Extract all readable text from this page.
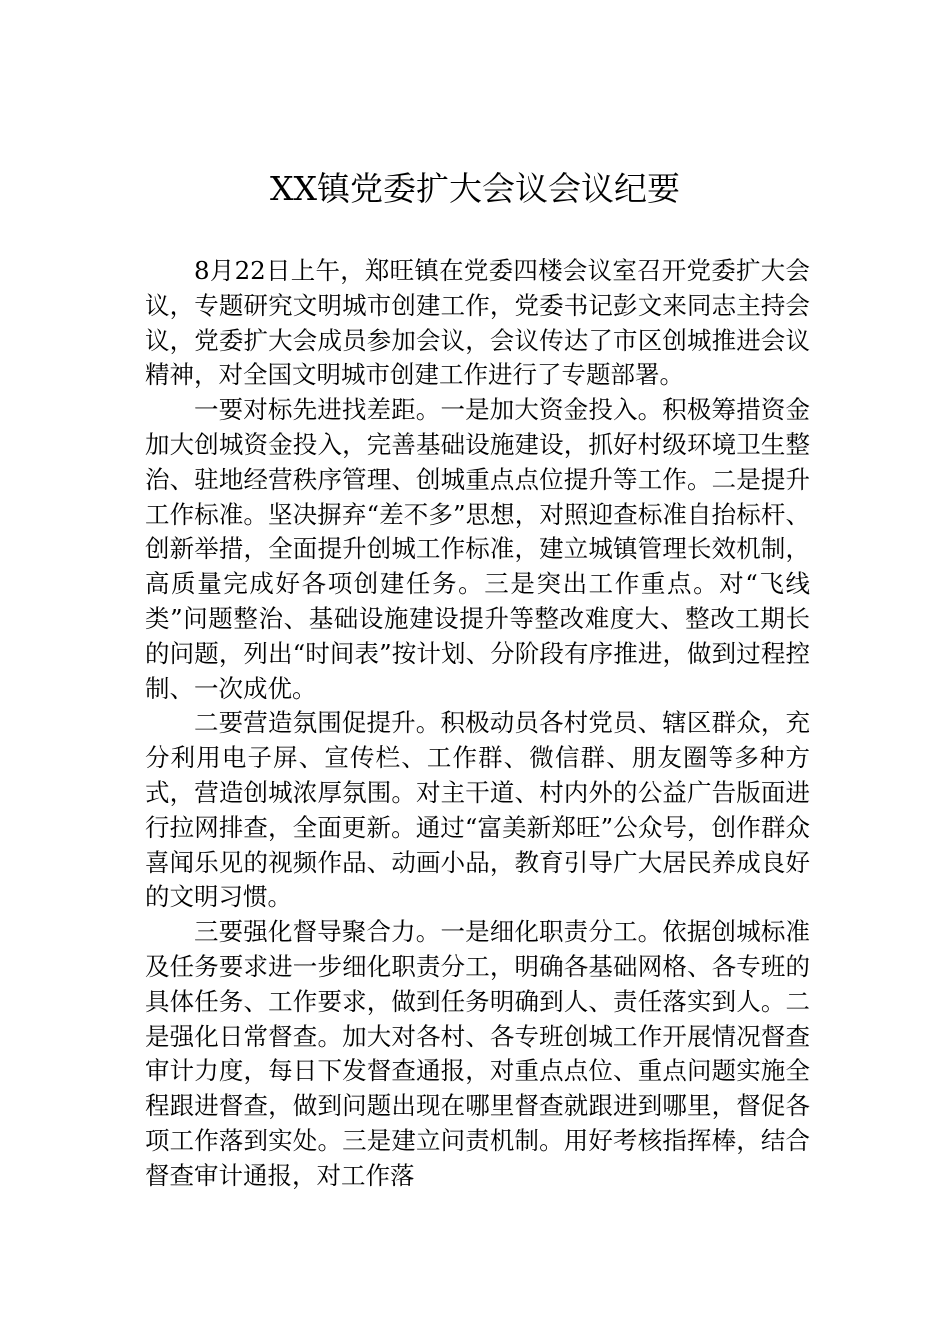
XX镇党委扩大会议会议纪要

8月22日上午，郑旺镇在党委四楼会议室召开党委扩大会议，专题研究文明城市创建工作，党委书记彭文来同志主持会议，党委扩大会成员参加会议，会议传达了市区创城推进会议精神，对全国文明城市创建工作进行了专题部署。

一要对标先进找差距。一是加大资金投入。积极筹措资金加大创城资金投入，完善基础设施建设，抓好村级环境卫生整治、驻地经营秩序管理、创城重点点位提升等工作。二是提升工作标准。坚决摒弃“差不多”思想，对照迎查标准自抬标杆、创新举措，全面提升创城工作标准，建立城镇管理长效机制，高质量完成好各项创建任务。三是突出工作重点。对“飞线类”问题整治、基础设施建设提升等整改难度大、整改工期长的问题，列出“时间表”按计划、分阶段有序推进，做到过程控制、一次成优。

二要营造氛围促提升。积极动员各村党员、辖区群众，充分利用电子屏、宣传栏、工作群、微信群、朋友圈等多种方式，营造创城浓厚氛围。对主干道、村内外的公益广告版面进行拉网排查，全面更新。通过“富美新郑旺”公众号，创作群众喜闻乐见的视频作品、动画小品，教育引导广大居民养成良好的文明习惯。

三要强化督导聚合力。一是细化职责分工。依据创城标准及任务要求进一步细化职责分工，明确各基础网格、各专班的具体任务、工作要求，做到任务明确到人、责任落实到人。二是强化日常督查。加大对各村、各专班创城工作开展情况督查审计力度，每日下发督查通报，对重点点位、重点问题实施全程跟进督查，做到问题出现在哪里督查就跟进到哪里，督促各项工作落到实处。三是建立问责机制。用好考核指挥棒，结合督查审计通报，对工作落
